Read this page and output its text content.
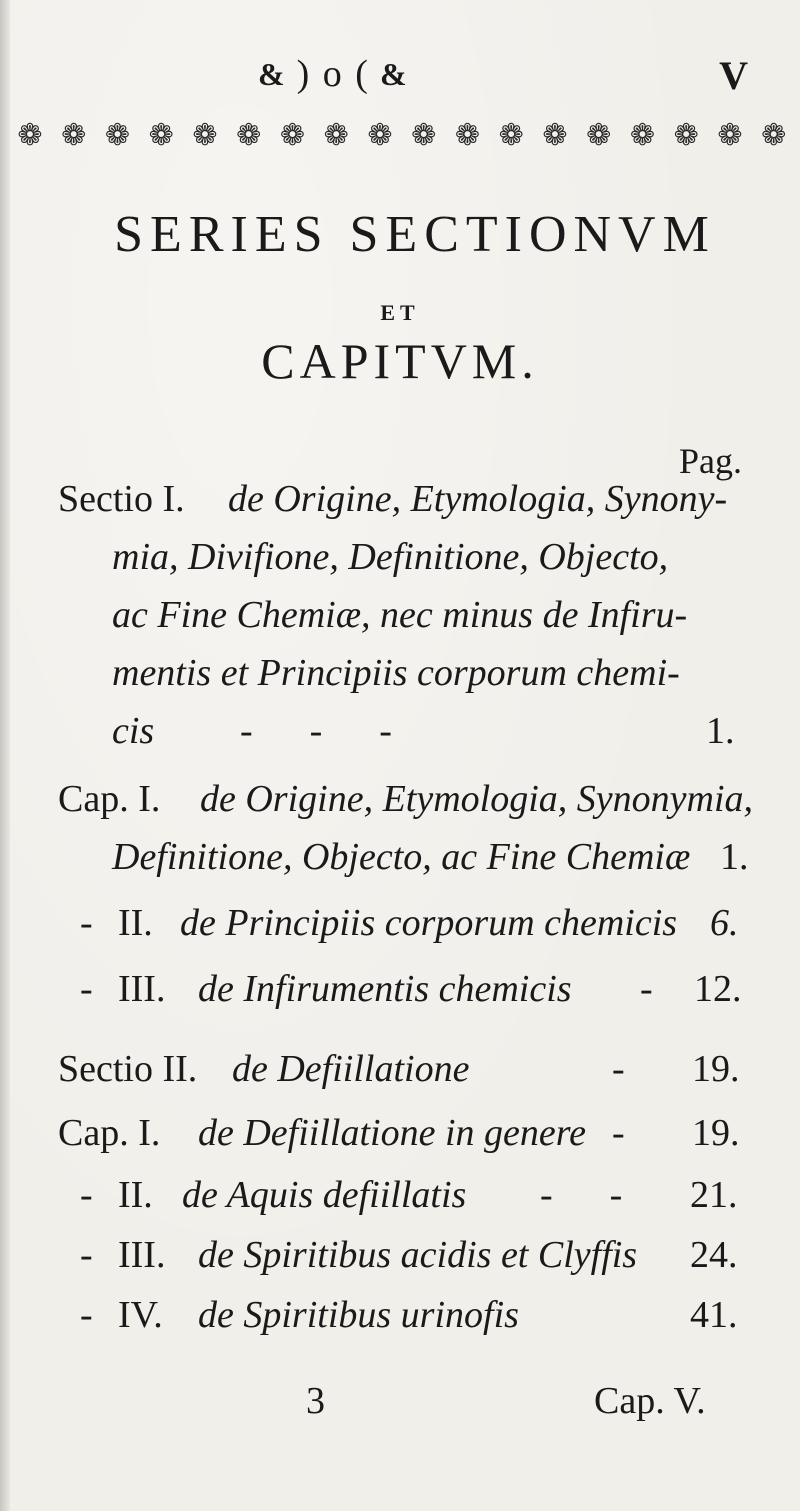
& ) o ( &	V
❁ ❁ ❁ ❁ ❁ ❁ ❁ ❁ ❁ ❁ ❁ ❁ ❁ ❁ ❁ ❁ ❁ ❁
SERIES SECTIONVM
ET
CAPITVM.
Pag.
Sectio I. de Origine, Etymologia, Synony-
mia, Divifione, Definitione, Objecto,
ac Fine Chemiæ, nec minus de Infiru-
mentis et Principiis corporum chemi-
cis -      -      -	1.
Cap. I. de Origine, Etymologia, Synonymia,
Definitione, Objecto, ac Fine Chemiæ 1.
- II. de Principiis corporum chemicis 6.
- III. de Infirumentis chemicis - 12.
Sectio II. de Defiillatione	- 19.
Cap. I. de Defiillatione in genere - 19.
- II. de Aquis defiillatis -      - 21.
- III. de Spiritibus acidis et Clyffis 24.
- IV. de Spiritibus urinofis	41.
3	Cap. V.
